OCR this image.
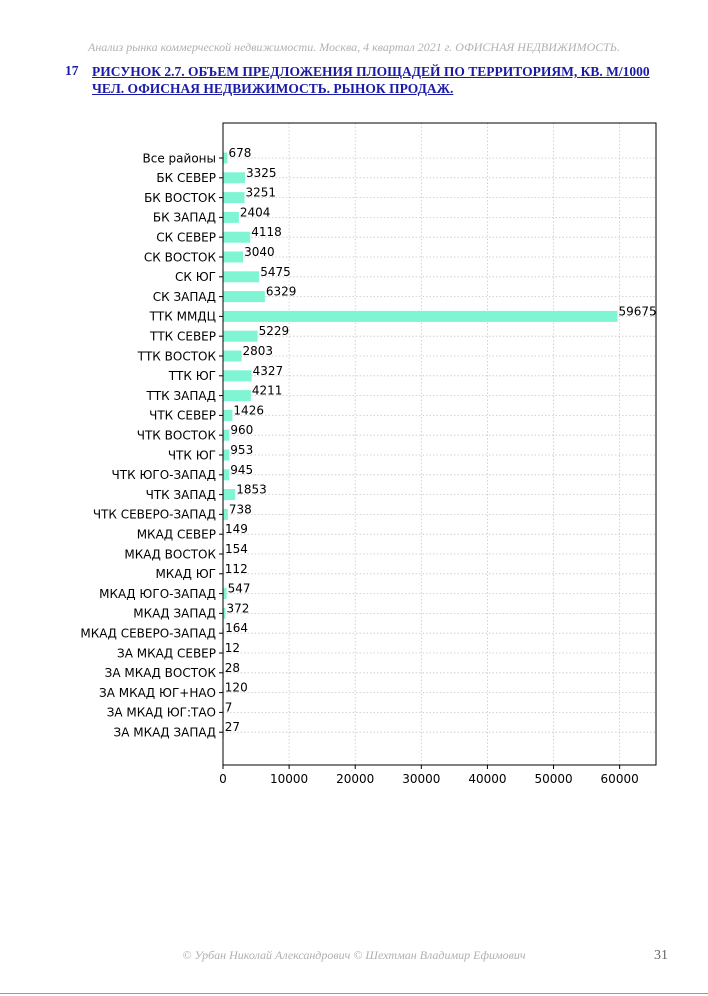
Анализ рынка коммерческой недвижимости. Москва, 4 квартал 2021 г. ОФИСНАЯ НЕДВИЖИМОСТЬ.
17 РИСУНОК 2.7. ОБЪЕМ ПРЕДЛОЖЕНИЯ ПЛОЩАДЕЙ ПО ТЕРРИТОРИЯМ, КВ. М/1000 ЧЕЛ. ОФИСНАЯ НЕДВИЖИМОСТЬ. РЫНОК ПРОДАЖ.
0	10000 20000 30000 40000 50000 60000
Все районы 678
БК СЕВЕР 3325
БК ВОСТОК 3251
БК ЗАПАД 2404
СК СЕВЕР	4118
СК ВОСТОК 3040
СК ЮГ	5475
СК ЗАПАД	6329
ТТК ММДЦ	59675
ТТК СЕВЕР	5229
ТТК ВОСТОК 2803
ТТК ЮГ	4327
ТТК ЗАПАД	4211
ЧТК СЕВЕР 1426
ЧТК ВОСТОК 960
ЧТК ЮГ 953
ЧТК ЮГО-ЗАПАД 945
ЧТК ЗАПАД 1853
ЧТК СЕВЕРО-ЗАПАД 738
МКАД СЕВЕР 149
МКАД ВОСТОК 154
МКАД ЮГ 112
МКАД ЮГО-ЗАПАД 547
МКАД ЗАПАД 372
МКАД СЕВЕРО-ЗАПАД 164
ЗА МКАД СЕВЕР 12
ЗА МКАД ВОСТОК 28
ЗА МКАД ЮГ+НАО 120
ЗА МКАД ЮГ:ТАО 7
ЗА МКАД ЗАПАД 27
© Урбан Николай Александрович © Шехтман Владимир Ефимович	31
